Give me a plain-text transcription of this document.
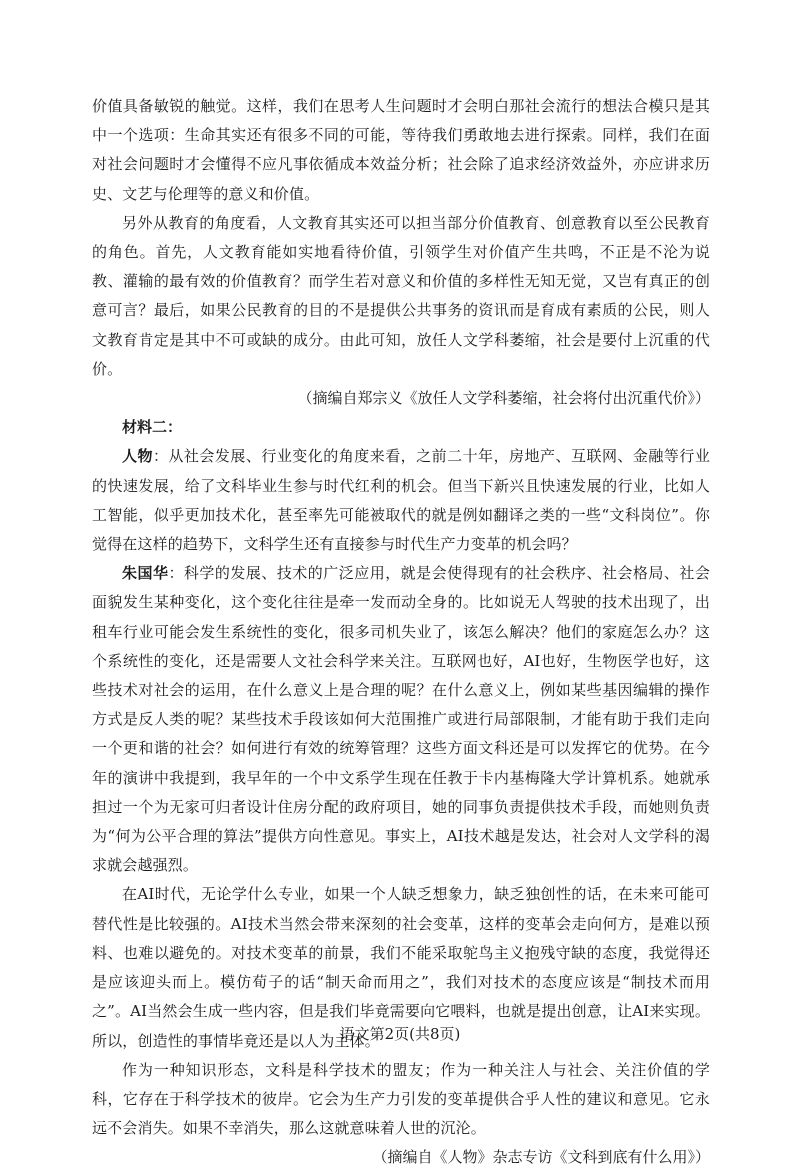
价值具备敏锐的触觉。这样，我们在思考人生问题时才会明白那社会流行的想法合模只是其中一个选项：生命其实还有很多不同的可能，等待我们勇敢地去进行探索。同样，我们在面对社会问题时才会懂得不应凡事依循成本效益分析；社会除了追求经济效益外，亦应讲求历史、文艺与伦理等的意义和价值。

另外从教育的角度看，人文教育其实还可以担当部分价值教育、创意教育以至公民教育的角色。首先，人文教育能如实地看待价值，引领学生对价值产生共鸣，不正是不沦为说教、灌输的最有效的价值教育？而学生若对意义和价值的多样性无知无觉，又岂有真正的创意可言？最后，如果公民教育的目的不是提供公共事务的资讯而是育成有素质的公民，则人文教育肯定是其中不可或缺的成分。由此可知，放任人文学科萎缩，社会是要付上沉重的代价。

（摘编自郑宗义《放任人文学科萎缩，社会将付出沉重代价》）

材料二：

人物：从社会发展、行业变化的角度来看，之前二十年，房地产、互联网、金融等行业的快速发展，给了文科毕业生参与时代红利的机会。但当下新兴且快速发展的行业，比如人工智能，似乎更加技术化，甚至率先可能被取代的就是例如翻译之类的一些“文科岗位”。你觉得在这样的趋势下，文科学生还有直接参与时代生产力变革的机会吗？

朱国华：科学的发展、技术的广泛应用，就是会使得现有的社会秩序、社会格局、社会面貌发生某种变化，这个变化往往是牵一发而动全身的。比如说无人驾驶的技术出现了，出租车行业可能会发生系统性的变化，很多司机失业了，该怎么解决？他们的家庭怎么办？这个系统性的变化，还是需要人文社会科学来关注。互联网也好，AI也好，生物医学也好，这些技术对社会的运用，在什么意义上是合理的呢？在什么意义上，例如某些基因编辑的操作方式是反人类的呢？某些技术手段该如何大范围推广或进行局部限制，才能有助于我们走向一个更和谐的社会？如何进行有效的统筹管理？这些方面文科还是可以发挥它的优势。在今年的演讲中我提到，我早年的一个中文系学生现在任教于卡内基梅隆大学计算机系。她就承担过一个为无家可归者设计住房分配的政府项目，她的同事负责提供技术手段，而她则负责为“何为公平合理的算法”提供方向性意见。事实上，AI技术越是发达，社会对人文学科的渴求就会越强烈。

在AI时代，无论学什么专业，如果一个人缺乏想象力，缺乏独创性的话，在未来可能可替代性是比较强的。AI技术当然会带来深刻的社会变革，这样的变革会走向何方，是难以预料、也难以避免的。对技术变革的前景，我们不能采取鸵鸟主义抱残守缺的态度，我觉得还是应该迎头而上。模仿荀子的话“制天命而用之”，我们对技术的态度应该是“制技术而用之”。AI当然会生成一些内容，但是我们毕竟需要向它喂料，也就是提出创意，让AI来实现。所以，创造性的事情毕竟还是以人为主体。

作为一种知识形态，文科是科学技术的盟友；作为一种关注人与社会、关注价值的学科，它存在于科学技术的彼岸。它会为生产力引发的变革提供合乎人性的建议和意见。它永远不会消失。如果不幸消失，那么这就意味着人世的沉沦。

（摘编自《人物》杂志专访《文科到底有什么用》）

语文第2页(共8页)
